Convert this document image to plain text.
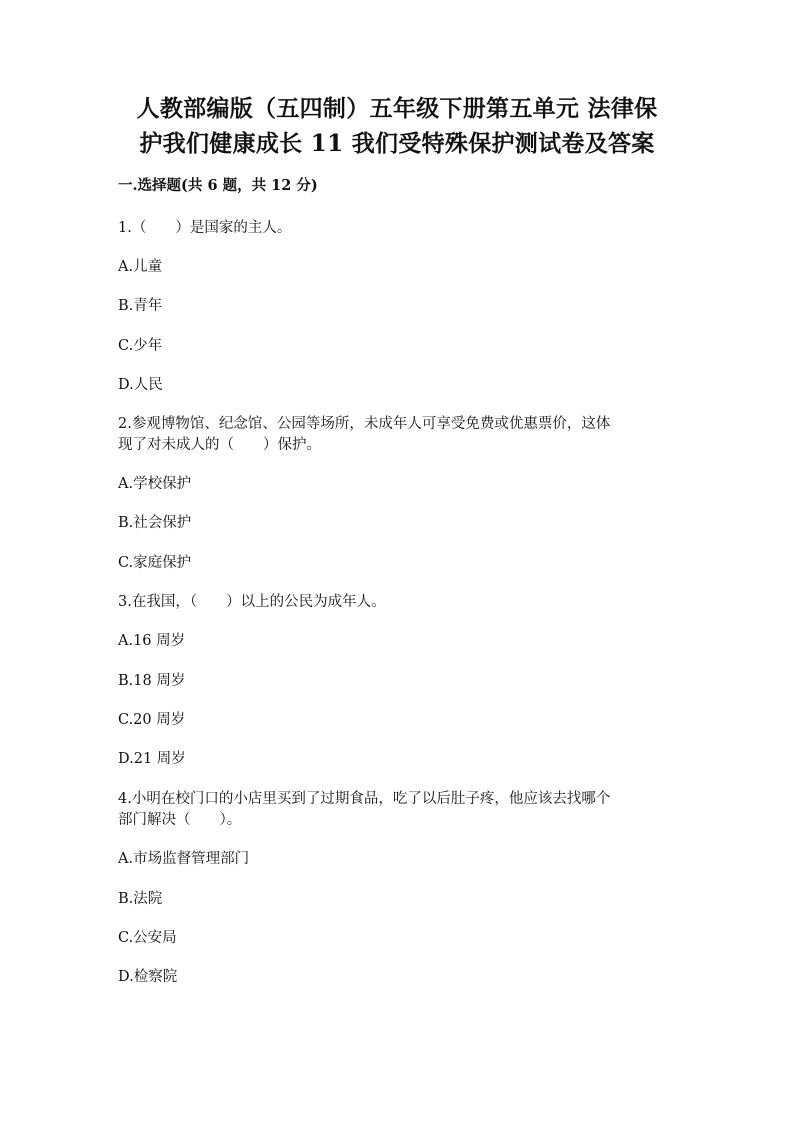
人教部编版（五四制）五年级下册第五单元 法律保
护我们健康成长 11 我们受特殊保护测试卷及答案
一.选择题(共 6 题，共 12 分)
1.（　　）是国家的主人。
A.儿童
B.青年
C.少年
D.人民
2.参观博物馆、纪念馆、公园等场所，未成年人可享受免费或优惠票价，这体
现了对未成人的（　　）保护。
A.学校保护
B.社会保护
C.家庭保护
3.在我国，（　　）以上的公民为成年人。
A.16 周岁
B.18 周岁
C.20 周岁
D.21 周岁
4.小明在校门口的小店里买到了过期食品，吃了以后肚子疼，他应该去找哪个
部门解决（　　）。
A.市场监督管理部门
B.法院
C.公安局
D.检察院
